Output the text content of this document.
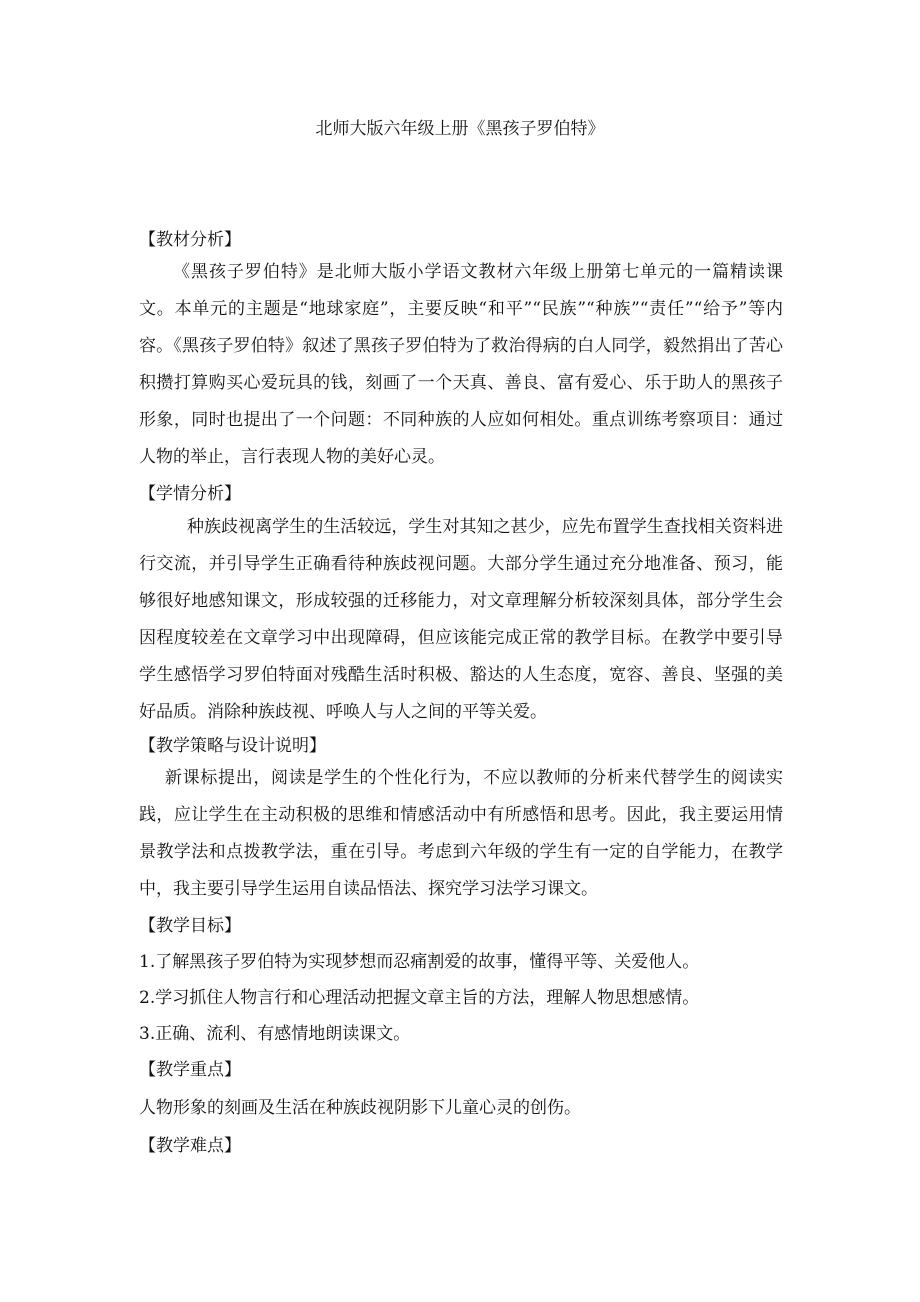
北师大版六年级上册《黑孩子罗伯特》
【教材分析】

《黑孩子罗伯特》是北师大版小学语文教材六年级上册第七单元的一篇精读课文。本单元的主题是“地球家庭”，主要反映“和平”“民族”“种族”“责任”“给予”等内容。《黑孩子罗伯特》叙述了黑孩子罗伯特为了救治得病的白人同学，毅然捐出了苦心积攒打算购买心爱玩具的钱，刻画了一个天真、善良、富有爱心、乐于助人的黑孩子形象，同时也提出了一个问题：不同种族的人应如何相处。重点训练考察项目：通过人物的举止，言行表现人物的美好心灵。

【学情分析】

种族歧视离学生的生活较远，学生对其知之甚少，应先布置学生查找相关资料进行交流，并引导学生正确看待种族歧视问题。大部分学生通过充分地准备、预习，能够很好地感知课文，形成较强的迁移能力，对文章理解分析较深刻具体，部分学生会因程度较差在文章学习中出现障碍，但应该能完成正常的教学目标。在教学中要引导学生感悟学习罗伯特面对残酷生活时积极、豁达的人生态度，宽容、善良、坚强的美好品质。消除种族歧视、呼唤人与人之间的平等关爱。

【教学策略与设计说明】

新课标提出，阅读是学生的个性化行为，不应以教师的分析来代替学生的阅读实践，应让学生在主动积极的思维和情感活动中有所感悟和思考。因此，我主要运用情景教学法和点拨教学法，重在引导。考虑到六年级的学生有一定的自学能力，在教学中，我主要引导学生运用自读品悟法、探究学习法学习课文。

【教学目标】
1.了解黑孩子罗伯特为实现梦想而忍痛割爱的故事，懂得平等、关爱他人。
2.学习抓住人物言行和心理活动把握文章主旨的方法，理解人物思想感情。
3.正确、流利、有感情地朗读课文。
【教学重点】
人物形象的刻画及生活在种族歧视阴影下儿童心灵的创伤。
【教学难点】
